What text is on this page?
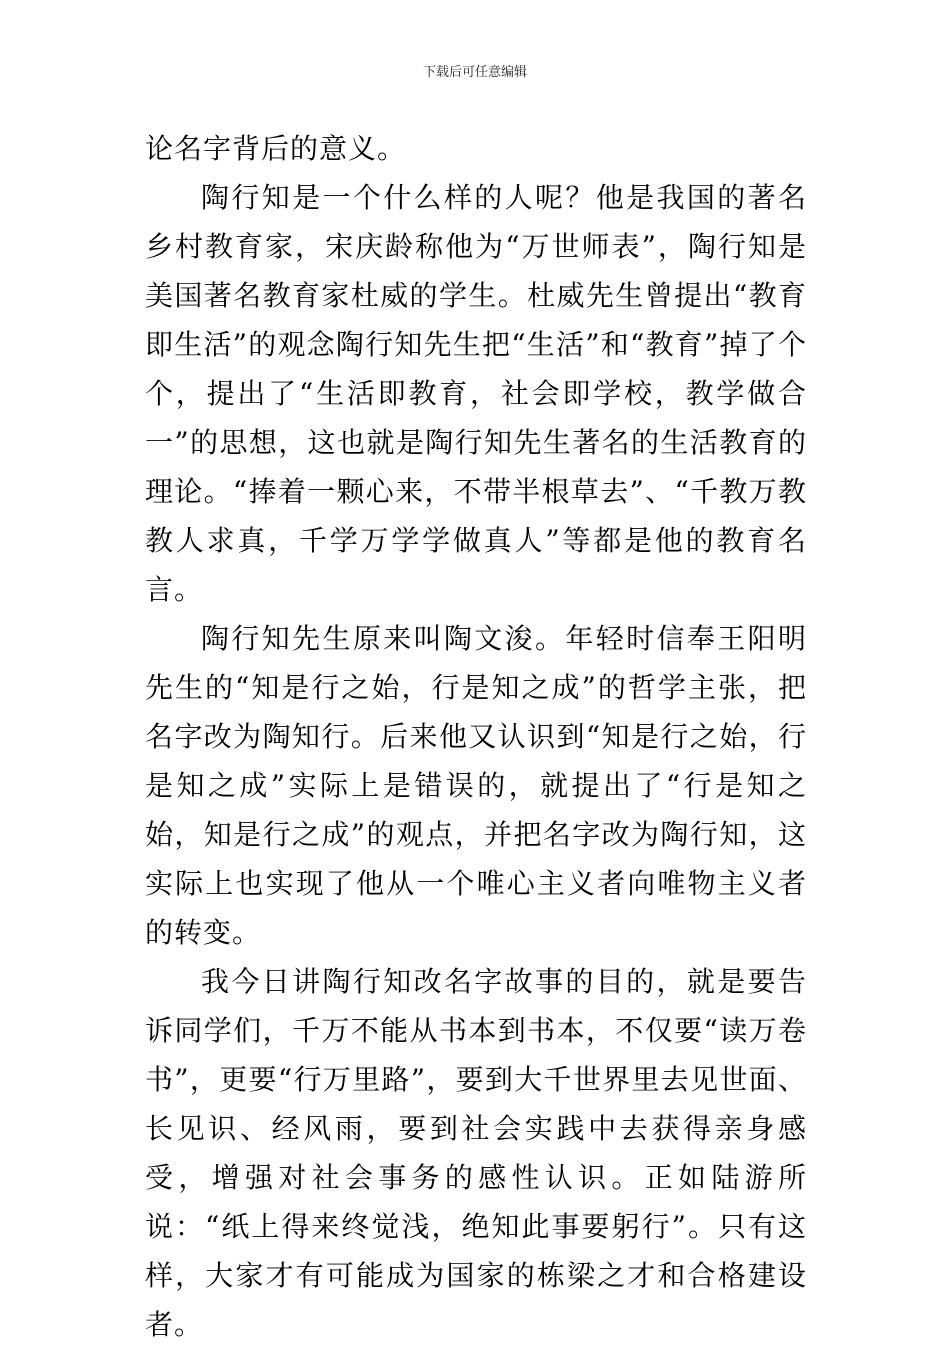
下载后可任意编辑

论名字背后的意义。

陶行知是一个什么样的人呢？他是我国的著名乡村教育家，宋庆龄称他为“万世师表”，陶行知是美国著名教育家杜威的学生。杜威先生曾提出“教育即生活”的观念陶行知先生把“生活”和“教育”掉了个个，提出了“生活即教育，社会即学校，教学做合一”的思想，这也就是陶行知先生著名的生活教育的理论。“捧着一颗心来，不带半根草去”、“千教万教教人求真，千学万学学做真人”等都是他的教育名言。

陶行知先生原来叫陶文浚。年轻时信奉王阳明先生的“知是行之始，行是知之成”的哲学主张，把名字改为陶知行。后来他又认识到“知是行之始，行是知之成”实际上是错误的，就提出了“行是知之始，知是行之成”的观点，并把名字改为陶行知，这实际上也实现了他从一个唯心主义者向唯物主义者的转变。

我今日讲陶行知改名字故事的目的，就是要告诉同学们，千万不能从书本到书本，不仅要“读万卷书”，更要“行万里路”，要到大千世界里去见世面、长见识、经风雨，要到社会实践中去获得亲身感受，增强对社会事务的感性认识。正如陆游所说：“纸上得来终觉浅，绝知此事要躬行”。只有这样，大家才有可能成为国家的栋梁之才和合格建设者。
